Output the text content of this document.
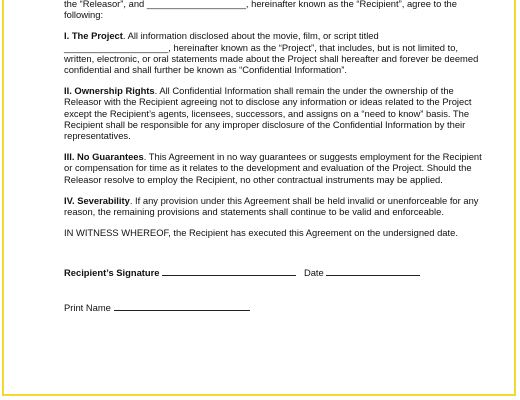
the “Releasor”, and ___________________, hereinafter known as the “Recipient”, agree to the following:

I. The Project. All information disclosed about the movie, film, or script titled ____________________, hereinafter known as the “Project”, that includes, but is not limited to, written, electronic, or oral statements made about the Project shall hereafter and forever be deemed confidential and shall further be known as “Confidential Information”.

II. Ownership Rights. All Confidential Information shall remain the under the ownership of the Releasor with the Recipient agreeing not to disclose any information or ideas related to the Project except the Recipient’s agents, licensees, successors, and assigns on a “need to know” basis. The Recipient shall be responsible for any improper disclosure of the Confidential Information by their representatives.

III. No Guarantees. This Agreement in no way guarantees or suggests employment for the Recipient or compensation for time as it relates to the development and evaluation of the Project. Should the Releasor resolve to employ the Recipient, no other contractual instruments may be applied.

IV. Severability. If any provision under this Agreement shall be held invalid or unenforceable for any reason, the remaining provisions and statements shall continue to be valid and enforceable.

IN WITNESS WHEREOF, the Recipient has executed this Agreement on the undersigned date.

Recipient’s Signature	Date
Print Name
